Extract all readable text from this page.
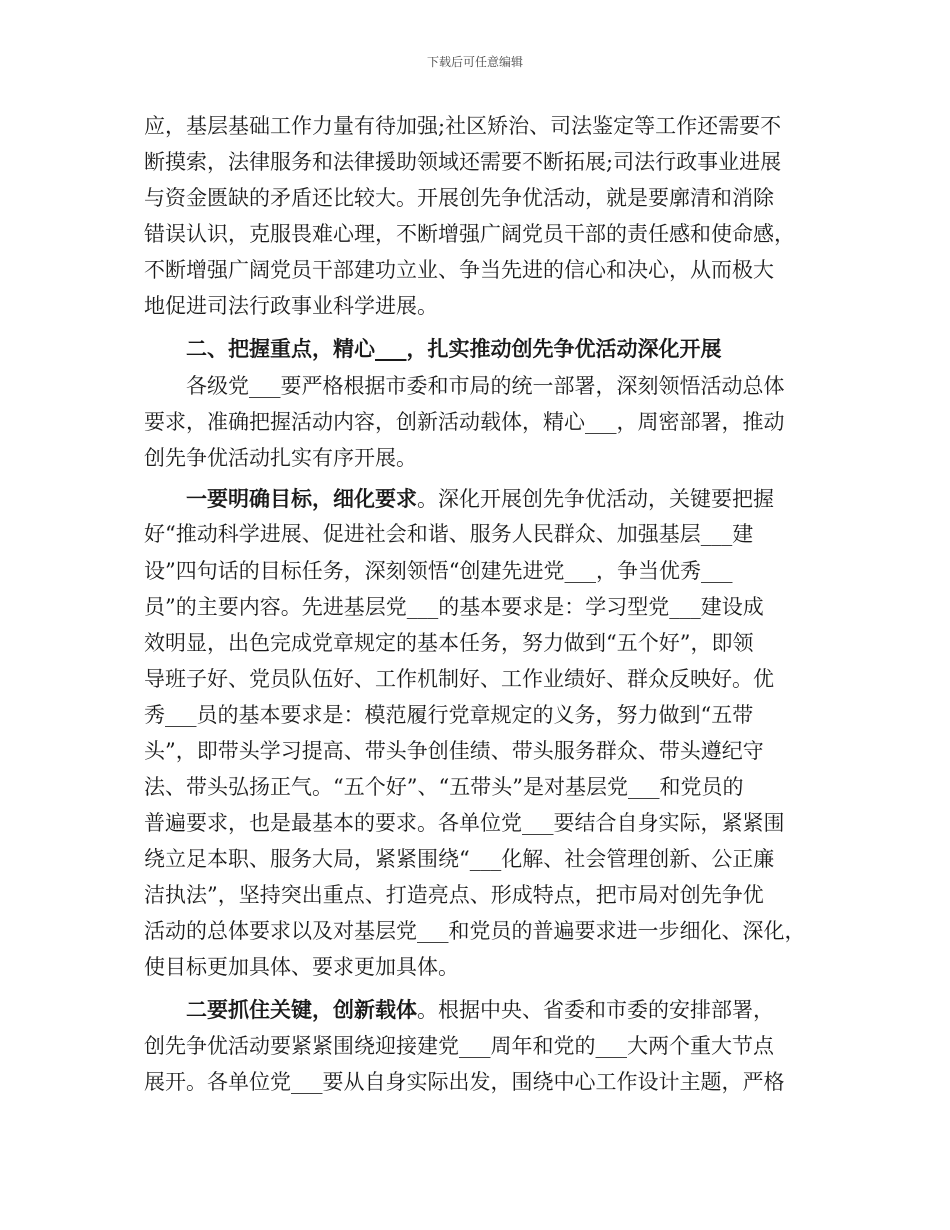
下载后可任意编辑
应，基层基础工作力量有待加强;社区矫治、司法鉴定等工作还需要不
断摸索，法律服务和法律援助领域还需要不断拓展;司法行政事业进展
与资金匮缺的矛盾还比较大。开展创先争优活动，就是要廓清和消除
错误认识，克服畏难心理，不断增强广阔党员干部的责任感和使命感，
不断增强广阔党员干部建功立业、争当先进的信心和决心，从而极大
地促进司法行政事业科学进展。
二、把握重点，精心___，扎实推动创先争优活动深化开展
各级党___要严格根据市委和市局的统一部署，深刻领悟活动总体
要求，准确把握活动内容，创新活动载体，精心___，周密部署，推动
创先争优活动扎实有序开展。
一要明确目标，细化要求。深化开展创先争优活动，关键要把握
好“推动科学进展、促进社会和谐、服务人民群众、加强基层___建
设”四句话的目标任务，深刻领悟“创建先进党___，争当优秀___
员”的主要内容。先进基层党___的基本要求是：学习型党___建设成
效明显，出色完成党章规定的基本任务，努力做到“五个好”，即领
导班子好、党员队伍好、工作机制好、工作业绩好、群众反映好。优
秀___员的基本要求是：模范履行党章规定的义务，努力做到“五带
头”，即带头学习提高、带头争创佳绩、带头服务群众、带头遵纪守
法、带头弘扬正气。“五个好”、“五带头”是对基层党___和党员的
普遍要求，也是最基本的要求。各单位党___要结合自身实际，紧紧围
绕立足本职、服务大局，紧紧围绕“___化解、社会管理创新、公正廉
洁执法”，坚持突出重点、打造亮点、形成特点，把市局对创先争优
活动的总体要求以及对基层党___和党员的普遍要求进一步细化、深化，
使目标更加具体、要求更加具体。
二要抓住关键，创新载体。根据中央、省委和市委的安排部署，
创先争优活动要紧紧围绕迎接建党___周年和党的___大两个重大节点
展开。各单位党___要从自身实际出发，围绕中心工作设计主题，严格
